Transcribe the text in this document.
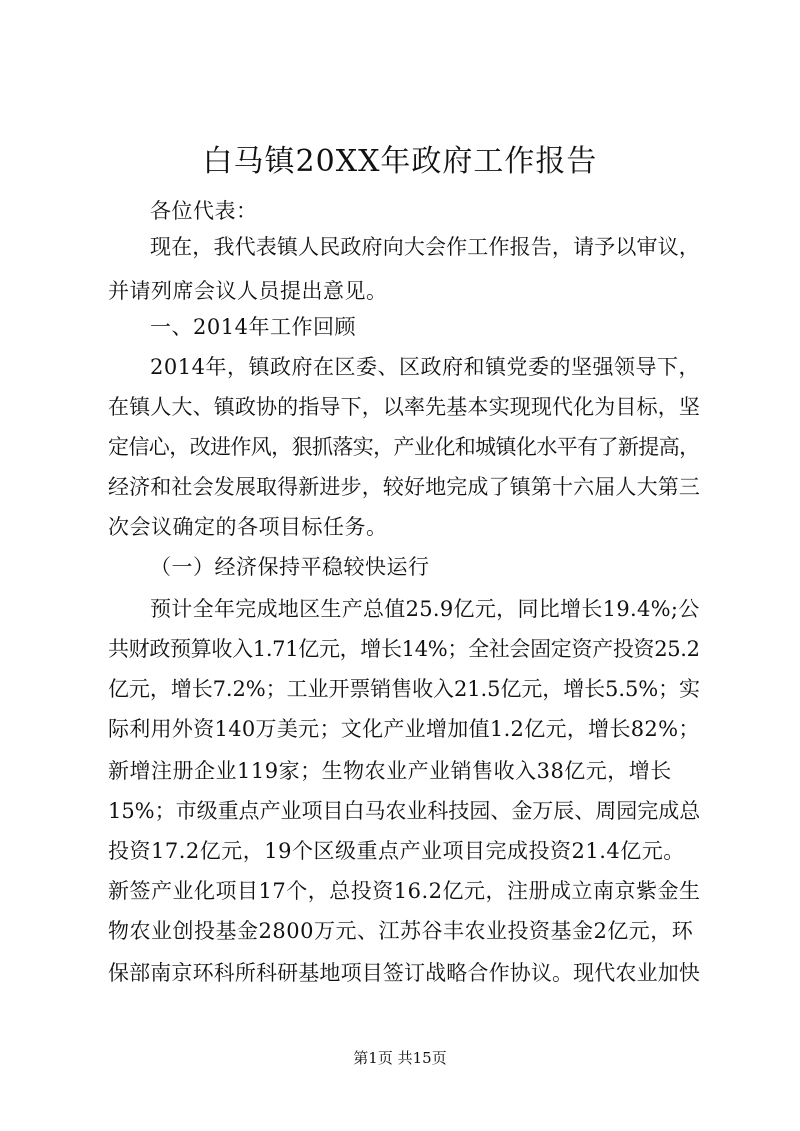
白马镇20XX年政府工作报告
各位代表：
现在，我代表镇人民政府向大会作工作报告，请予以审议，
并请列席会议人员提出意见。
一、2014年工作回顾
2014年，镇政府在区委、区政府和镇党委的坚强领导下，
在镇人大、镇政协的指导下，以率先基本实现现代化为目标，坚
定信心，改进作风，狠抓落实，产业化和城镇化水平有了新提高，
经济和社会发展取得新进步，较好地完成了镇第十六届人大第三
次会议确定的各项目标任务。
（一）经济保持平稳较快运行
预计全年完成地区生产总值25.9亿元，同比增长19.4%;公
共财政预算收入1.71亿元，增长14%；全社会固定资产投资25.2
亿元，增长7.2%；工业开票销售收入21.5亿元，增长5.5%；实
际利用外资140万美元；文化产业增加值1.2亿元，增长82%；
新增注册企业119家；生物农业产业销售收入38亿元，增长
15%；市级重点产业项目白马农业科技园、金万辰、周园完成总
投资17.2亿元，19个区级重点产业项目完成投资21.4亿元。
新签产业化项目17个，总投资16.2亿元，注册成立南京紫金生
物农业创投基金2800万元、江苏谷丰农业投资基金2亿元，环
保部南京环科所科研基地项目签订战略合作协议。现代农业加快
第1页 共15页
